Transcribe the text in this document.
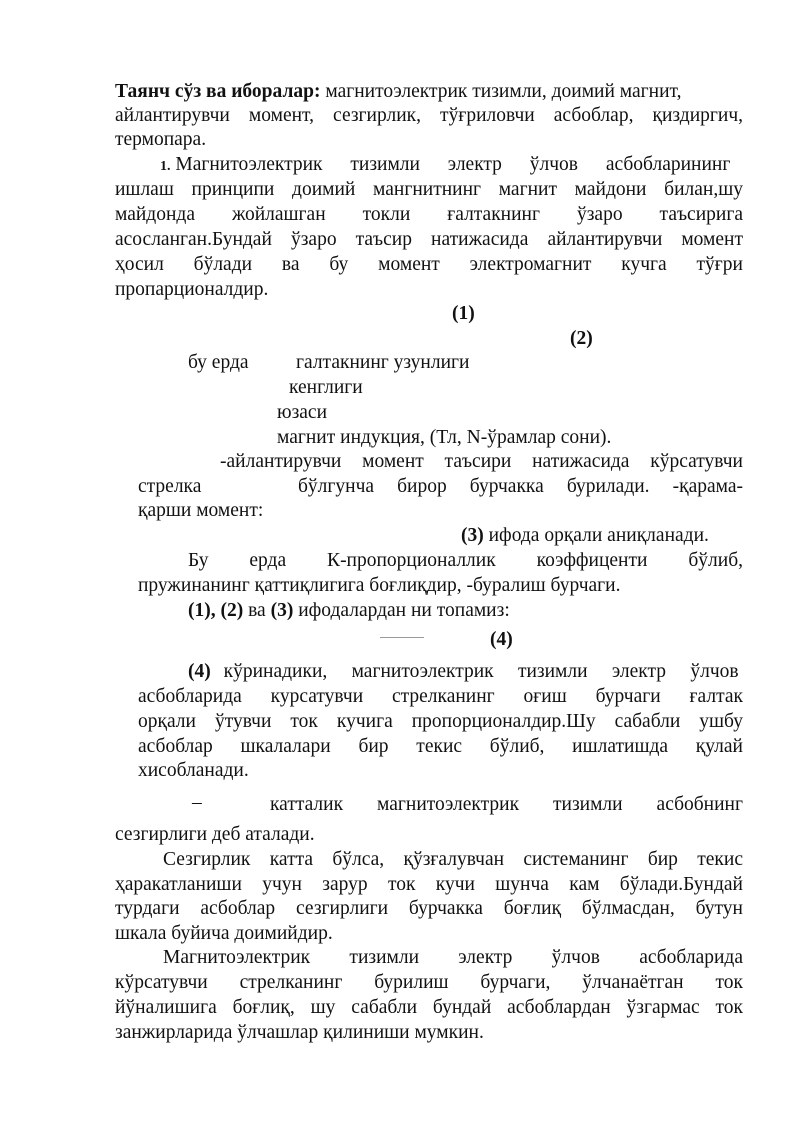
Таянч сўз ва иборалар: магнитоэлектрик тизимли, доимий магнит,
айлантирувчи момент, сезгирлик, тўғриловчи асбоблар, қиздиргич,
термопара.
1. Магнитоэлектрик тизимли электр ўлчов асбобларининг
ишлаш принципи доимий мангнитнинг магнит майдони билан,шу
майдонда жойлашган токли ғалтакнинг ўзаро таъсирига
асосланган.Бундай ўзаро таъсир натижасида айлантирувчи момент
ҳосил бўлади ва бу момент электромагнит кучга тўғри
пропарционалдир.
(1)
(2)
бу ерда галтакнинг узунлиги
кенглиги
юзаси
магнит индукция, (Тл, N-ўрамлар сони).
-айлантирувчи момент таъсири натижасида кўрсатувчи
стрелка	бўлгунча бирор бурчакка бурилади. -қарама-
қарши момент:
(3) ифода орқали аниқланади.
Бу ерда К-пропорционаллик коэффиценти бўлиб,
пружинанинг қаттиқлигига боғлиқдир, -буралиш бурчаги.
(1), (2) ва (3) ифодалардан ни топамиз:
(4)
(4) кўринадики, магнитоэлектрик тизимли электр ўлчов
асбобларида курсатувчи стрелканинг оғиш бурчаги ғалтак
орқали ўтувчи ток кучига пропорционалдир.Шу сабабли ушбу
асбоблар шкалалари бир текис бўлиб, ишлатишда қулай
хисобланади.
–	катталик магнитоэлектрик тизимли асбобнинг
сезгирлиги деб аталади.
Сезгирлик катта бўлса, қўзғалувчан системанинг бир текис
ҳаракатланиши учун зарур ток кучи шунча кам бўлади.Бундай
турдаги асбоблар сезгирлиги бурчакка боғлиқ бўлмасдан, бутун
шкала буйича доимийдир.
Магнитоэлектрик тизимли электр ўлчов асбобларида
кўрсатувчи стрелканинг бурилиш бурчаги, ўлчанаётган ток
йўналишига боғлиқ, шу сабабли бундай асбоблардан ўзгармас ток
занжирларида ўлчашлар қилиниши мумкин.
